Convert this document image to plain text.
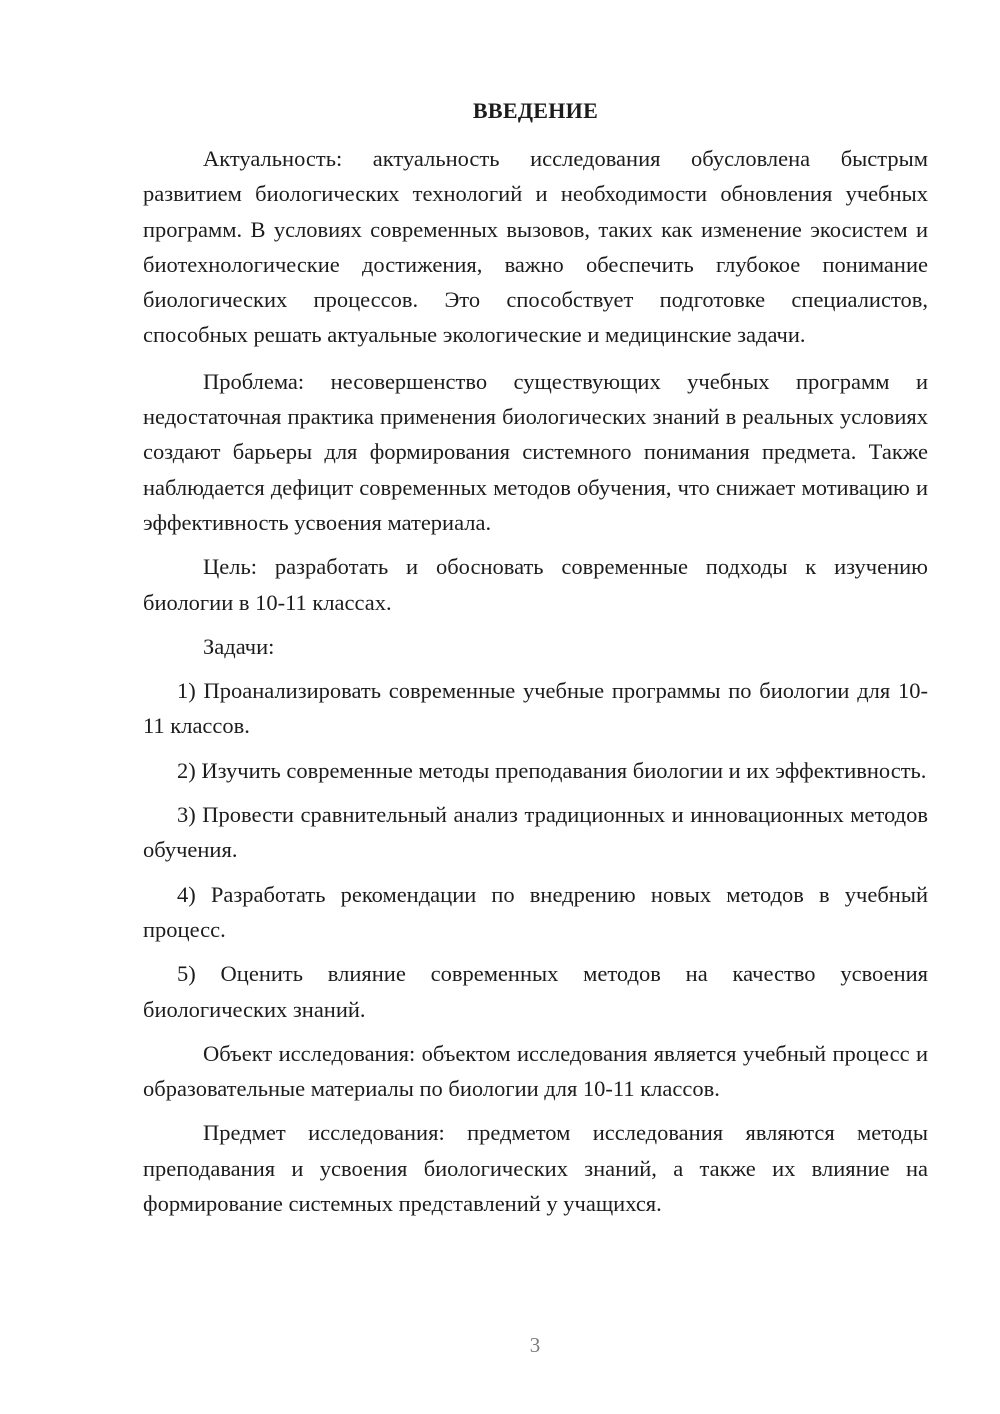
ВВЕДЕНИЕ

Актуальность: актуальность исследования обусловлена быстрым развитием биологических технологий и необходимости обновления учебных программ. В условиях современных вызовов, таких как изменение экосистем и биотехнологические достижения, важно обеспечить глубокое понимание биологических процессов. Это способствует подготовке специалистов, способных решать актуальные экологические и медицинские задачи.

Проблема: несовершенство существующих учебных программ и недостаточная практика применения биологических знаний в реальных условиях создают барьеры для формирования системного понимания предмета. Также наблюдается дефицит современных методов обучения, что снижает мотивацию и эффективность усвоения материала.

Цель: разработать и обосновать современные подходы к изучению биологии в 10-11 классах.

Задачи:

1) Проанализировать современные учебные программы по биологии для 10-11 классов.

2) Изучить современные методы преподавания биологии и их эффективность.

3) Провести сравнительный анализ традиционных и инновационных методов обучения.

4) Разработать рекомендации по внедрению новых методов в учебный процесс.

5) Оценить влияние современных методов на качество усвоения биологических знаний.

Объект исследования: объектом исследования является учебный процесс и образовательные материалы по биологии для 10-11 классов.

Предмет исследования: предметом исследования являются методы преподавания и усвоения биологических знаний, а также их влияние на формирование системных представлений у учащихся.

3
